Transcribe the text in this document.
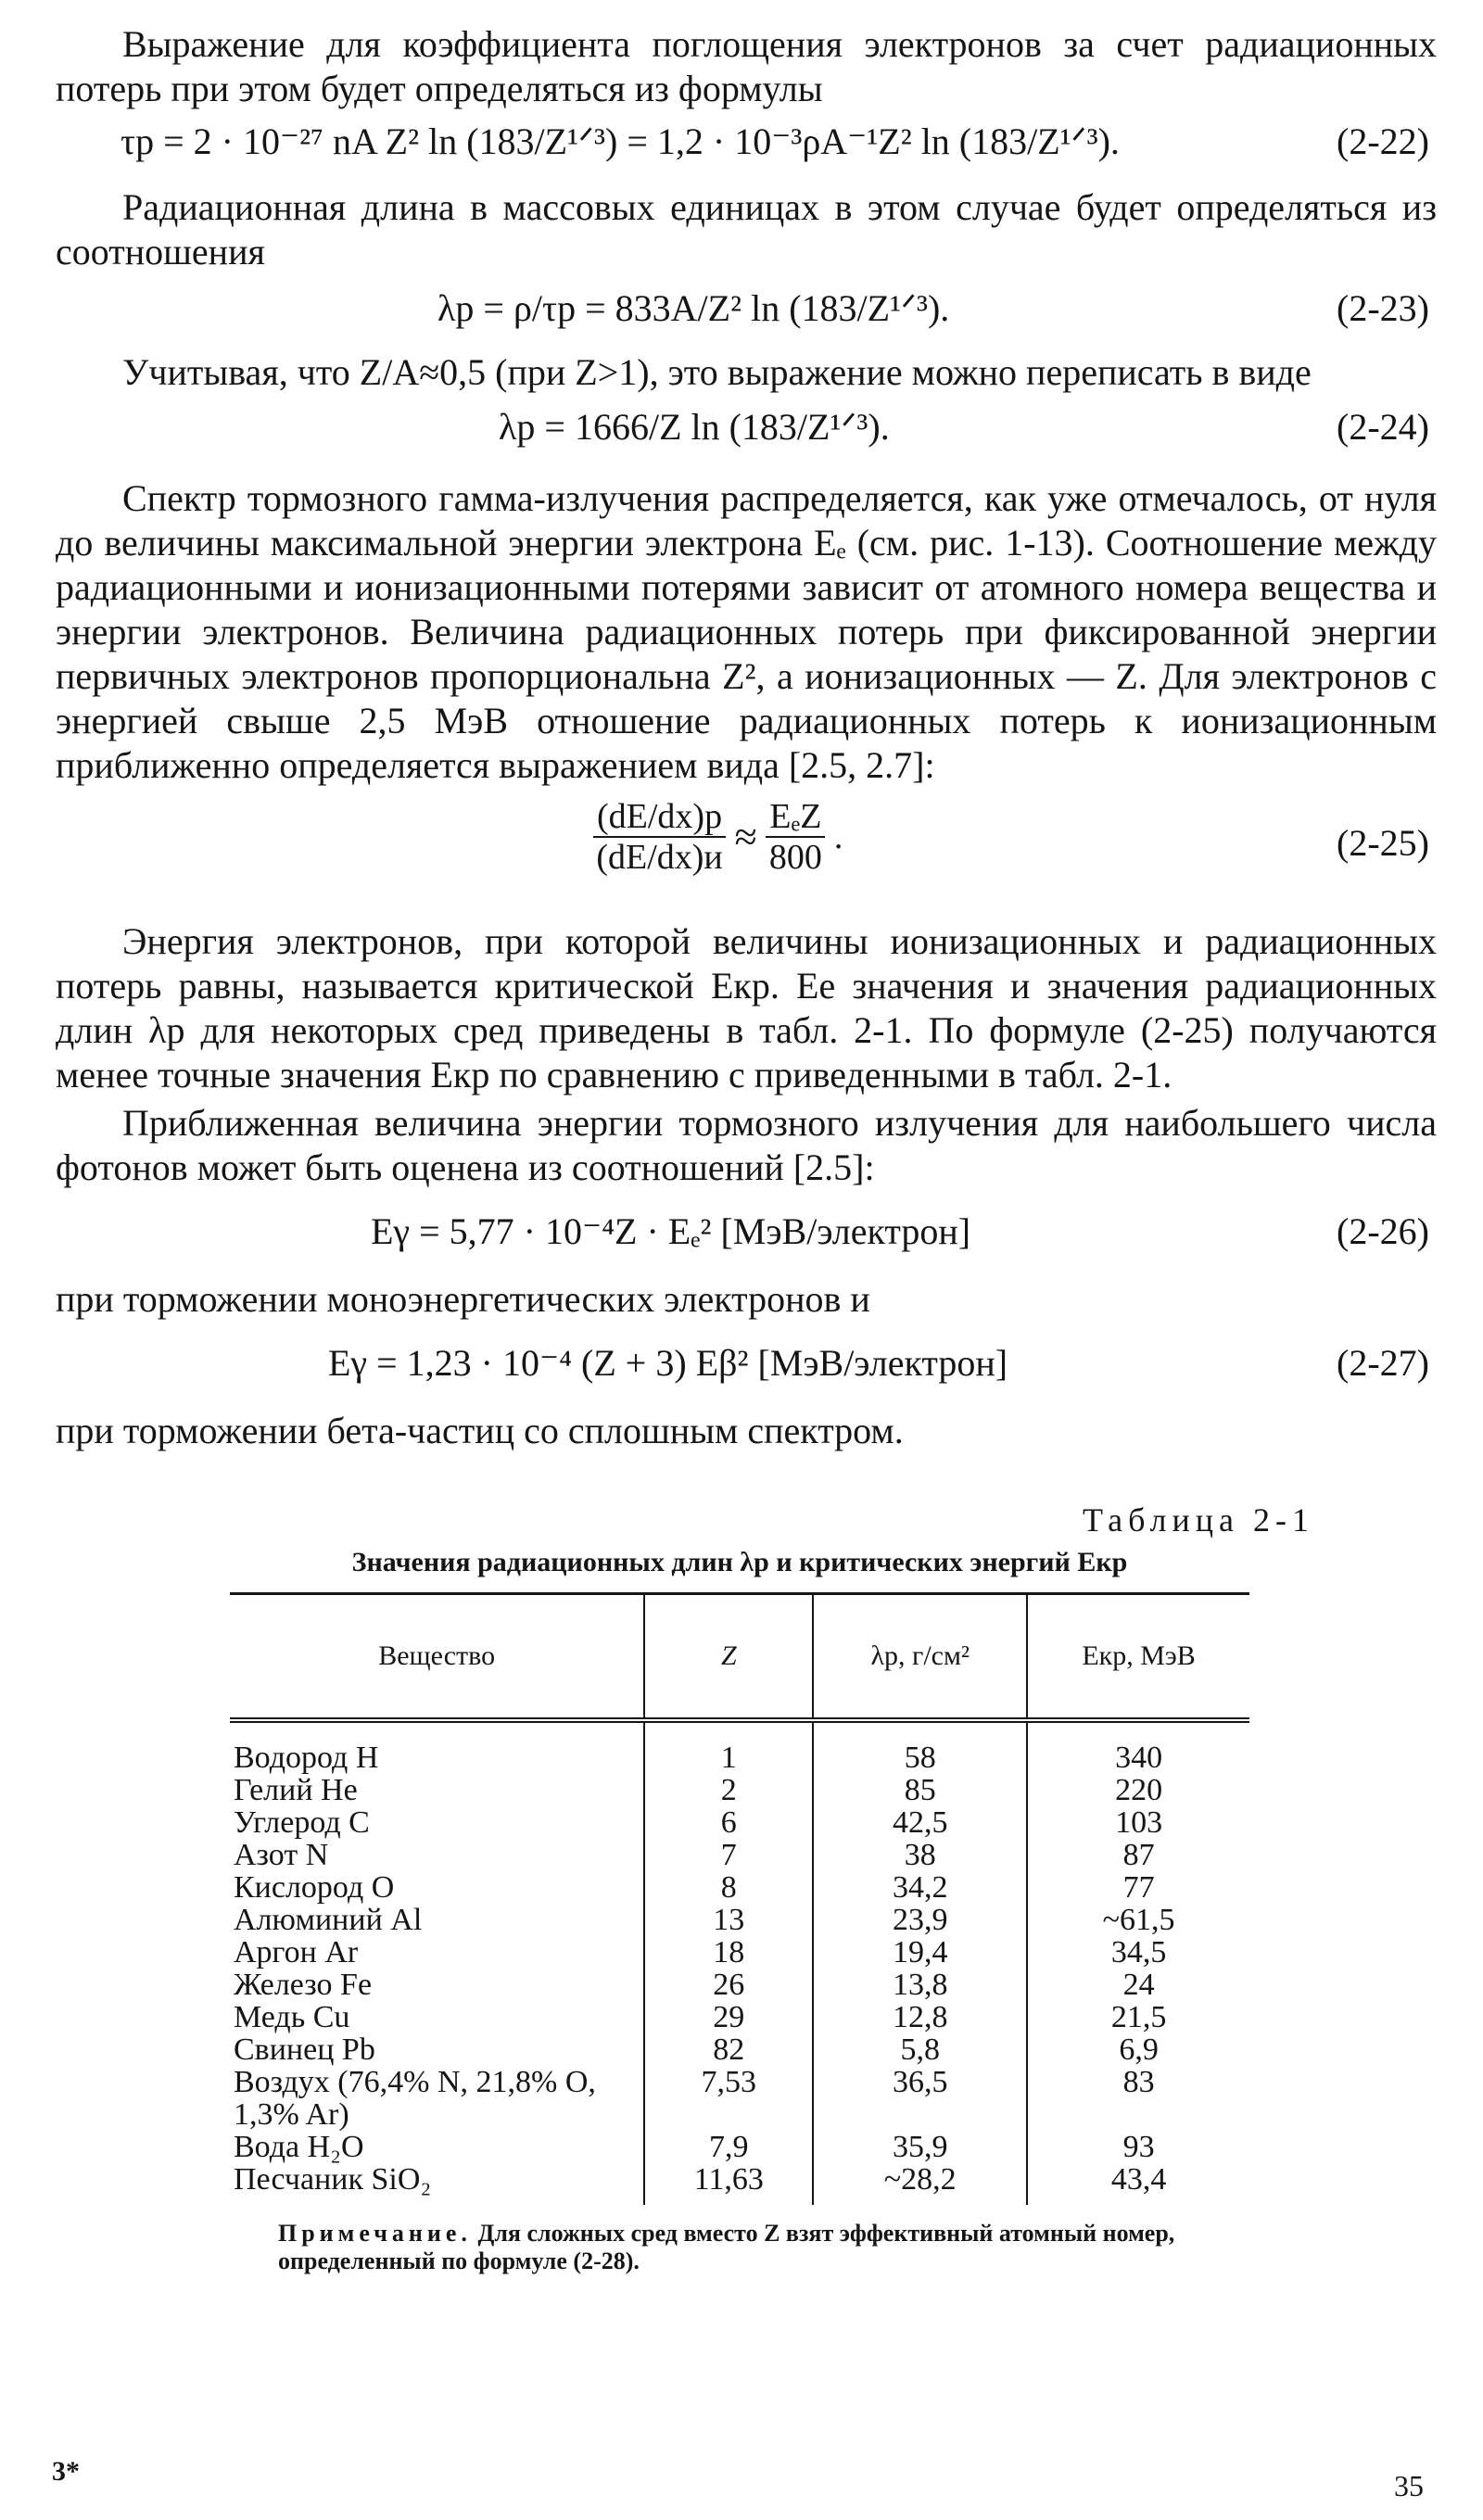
Выражение для коэффициента поглощения электронов за счет радиационных потерь при этом будет определяться из формулы

τр = 2 · 10⁻²⁷ nA Z² ln (183/Z¹ᐟ³) = 1,2 · 10⁻³ρA⁻¹Z² ln (183/Z¹ᐟ³).	(2-22)

Радиационная длина в массовых единицах в этом случае будет определяться из соотношения

λр = ρ/τр = 833A/Z² ln (183/Z¹ᐟ³).	(2-23)

Учитывая, что Z/A≈0,5 (при Z>1), это выражение можно переписать в виде

λр = 1666/Z ln (183/Z¹ᐟ³).	(2-24)

Спектр тормозного гамма-излучения распределяется, как уже отмечалось, от нуля до величины максимальной энергии электрона Eₑ (см. рис. 1-13). Соотношение между радиационными и ионизационными потерями зависит от атомного номера вещества и энергии электронов. Величина радиационных потерь при фиксированной энергии первичных электронов пропорциональна Z², а ионизационных — Z. Для электронов с энергией свыше 2,5 МэВ отношение радиационных потерь к ионизационным приближенно определяется выражением вида [2.5, 2.7]:

$\frac{(dE/dx)р}{(dE/dx)и} \approx \frac{\text{EₑZ}}{800}$ .	(2-25)

Энергия электронов, при которой величины ионизационных и радиационных потерь равны, называется критической Eкр. Ее значения и значения радиационных длин λр для некоторых сред приведены в табл. 2-1. По формуле (2-25) получаются менее точные значения Eкр по сравнению с приведенными в табл. 2-1.

Приближенная величина энергии тормозного излучения для наибольшего числа фотонов может быть оценена из соотношений [2.5]:

Eγ = 5,77 · 10⁻⁴Z · Eₑ² [МэВ/электрон]	(2-26)

при торможении моноэнергетических электронов и

Eγ = 1,23 · 10⁻⁴ (Z + 3) Eβ² [МэВ/электрон]	(2-27)

при торможении бета-частиц со сплошным спектром.

Таблица 2-1
Значения радиационных длин λр и критических энергий Eкр
Вещество	Z	λр, г/см²	Eкр, МэВ

Водород H	1	58	340
Гелий He	2	85	220
Углерод C	6	42,5	103
Азот N	7	38	87
Кислород O	8	34,2	77
Алюминий Al	13	23,9	~61,5
Аргон Ar	18	19,4	34,5
Железо Fe	26	13,8	24
Медь Cu	29	12,8	21,5
Свинец Pb	82	5,8	6,9
Воздух (76,4% N, 21,8% O, 1,3% Ar)	7,53	36,5	83
Вода H₂O	7,9	35,9	93
Песчаник SiO₂	11,63	~28,2	43,4

Примечание. Для сложных сред вместо Z взят эффективный атомный номер, определенный по формуле (2-28).
3*	35
